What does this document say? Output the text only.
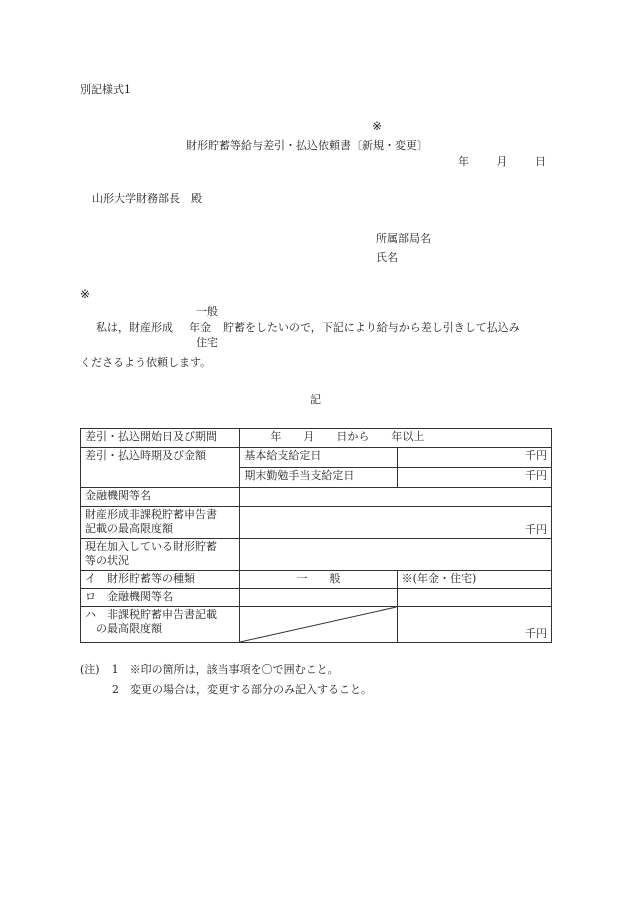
別記様式1
※
財形貯蓄等給与差引・払込依頼書〔新規・変更〕
年	月	日
山形大学財務部長　殿
所属部局名
氏名
※
一般
私は，財産形成 年金 貯蓄をしたいので，下記により給与から差し引きして払込み
住宅
くださるよう依頼します。
記
差引・払込開始日及び期間	年　　月　　日から　　年以上	
差引・払込時期及び金額	基本給支給定日	千円
	期末勤勉手当支給定日	千円
金融機関等名		
財産形成非課税貯蓄申告書
記載の最高限度額	千円	
現在加入している財形貯蓄
等の状況		
イ　財形貯蓄等の種類	一　　般	※(年金・住宅)
ロ　金融機関等名		
ハ　非課税貯蓄申告書記載
　の最高限度額		千円
(注) 1 ※印の箇所は，該当事項を〇で囲むこと。
2 変更の場合は，変更する部分のみ記入すること。
